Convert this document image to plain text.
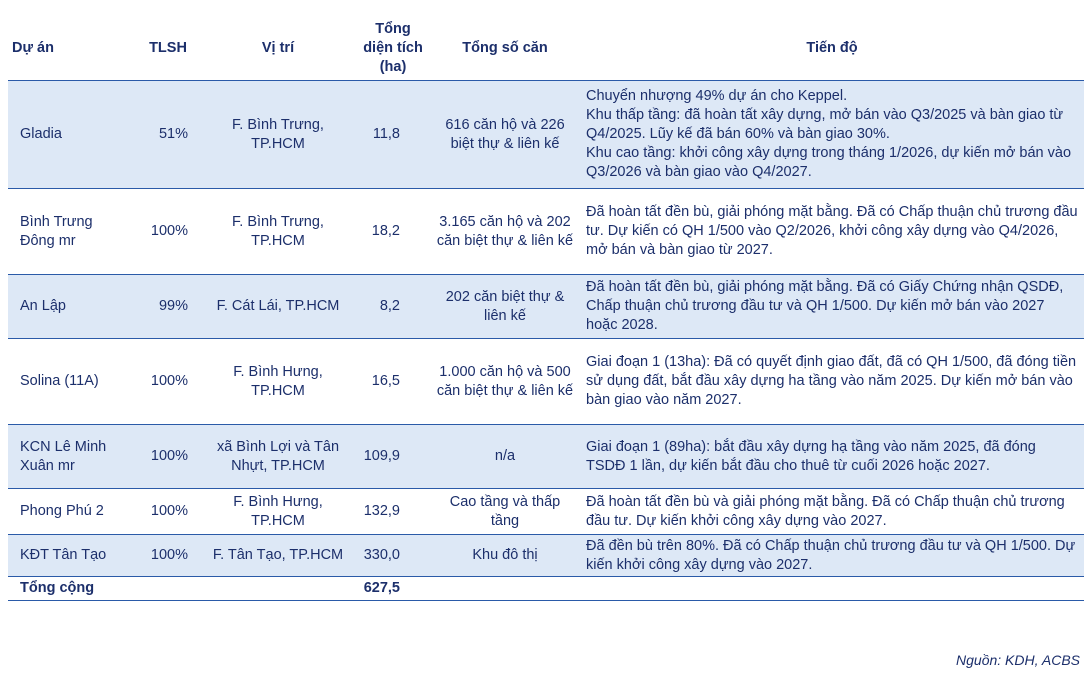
Dự án	TLSH	Vị trí	Tổng diện tích (ha)	Tổng số căn	Tiến độ
Gladia	51%	F. Bình Trưng, TP.HCM	11,8	616 căn hộ và 226 biệt thự & liên kế	Chuyển nhượng 49% dự án cho Keppel.
Khu thấp tầng: đã hoàn tất xây dựng, mở bán vào Q3/2025 và bàn giao từ Q4/2025. Lũy kế đã bán 60% và bàn giao 30%.
Khu cao tầng: khởi công xây dựng trong tháng 1/2026, dự kiến mở bán vào Q3/2026 và bàn giao vào Q4/2027.
Bình Trưng Đông mr	100%	F. Bình Trưng, TP.HCM	18,2	3.165 căn hộ và 202 căn biệt thự & liên kế	Đã hoàn tất đền bù, giải phóng mặt bằng. Đã có Chấp thuận chủ trương đầu tư. Dự kiến có QH 1/500 vào Q2/2026, khởi công xây dựng vào Q4/2026, mở bán và bàn giao từ 2027.
An Lập	99%	F. Cát Lái, TP.HCM	8,2	202 căn biệt thự & liên kế	Đã hoàn tất đền bù, giải phóng mặt bằng. Đã có Giấy Chứng nhận QSDĐ, Chấp thuận chủ trương đầu tư và QH 1/500. Dự kiến mở bán vào 2027 hoặc 2028.
Solina (11A)	100%	F. Bình Hưng, TP.HCM	16,5	1.000 căn hộ và 500 căn biệt thự & liên kế	Giai đoạn 1 (13ha): Đã có quyết định giao đất, đã có QH 1/500, đã đóng tiền sử dụng đất, bắt đầu xây dựng ha tầng vào năm 2025. Dự kiến mở bán vào bàn giao vào năm 2027.
KCN Lê Minh Xuân mr	100%	xã Bình Lợi và Tân Nhựt, TP.HCM	109,9	n/a	Giai đoạn 1 (89ha): bắt đầu xây dựng hạ tầng vào năm 2025, đã đóng TSDĐ 1 lần, dự kiến bắt đầu cho thuê từ cuối 2026 hoặc 2027.
Phong Phú 2	100%	F. Bình Hưng, TP.HCM	132,9	Cao tầng và thấp tầng	Đã hoàn tất đền bù và giải phóng mặt bằng. Đã có Chấp thuận chủ trương đầu tư. Dự kiến khởi công xây dựng vào 2027.
KĐT Tân Tạo	100%	F. Tân Tạo, TP.HCM	330,0	Khu đô thị	Đã đền bù trên 80%. Đã có Chấp thuận chủ trương đầu tư và QH 1/500. Dự kiến khởi công xây dựng vào 2027.
Tổng cộng			627,5		
Nguồn: KDH, ACBS
